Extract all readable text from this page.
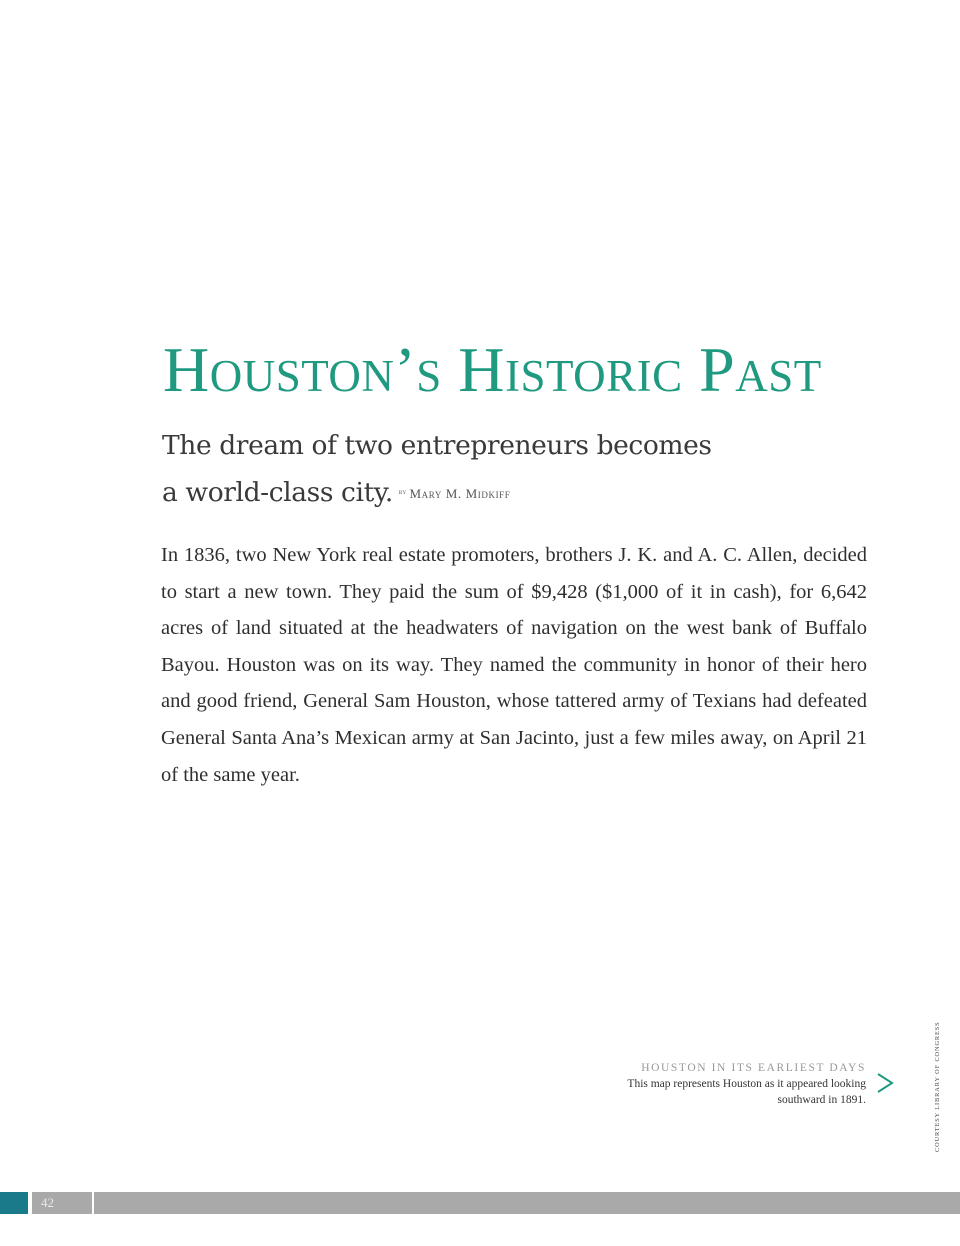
Houston’s Historic Past
The dream of two entrepreneurs becomes
a world-class city. $^{by}$ Mary M. Midkiff

In 1836, two New York real estate promoters, brothers J. K. and A. C. Allen, decided to start a new town. They paid the sum of $9,428 ($1,000 of it in cash), for 6,642 acres of land situated at the headwaters of navigation on the west bank of Buffalo Bayou. Houston was on its way. They named the community in honor of their hero and good friend, General Sam Houston, whose tattered army of Texians had defeated General Santa Ana’s Mexican army at San Jacinto, just a few miles away, on April 21 of the same year.

HOUSTON IN ITS EARLIEST DAYS
This map represents Houston as it appeared looking
southward in 1891.	COURTESY LIBRARY OF CONGRESS
42
